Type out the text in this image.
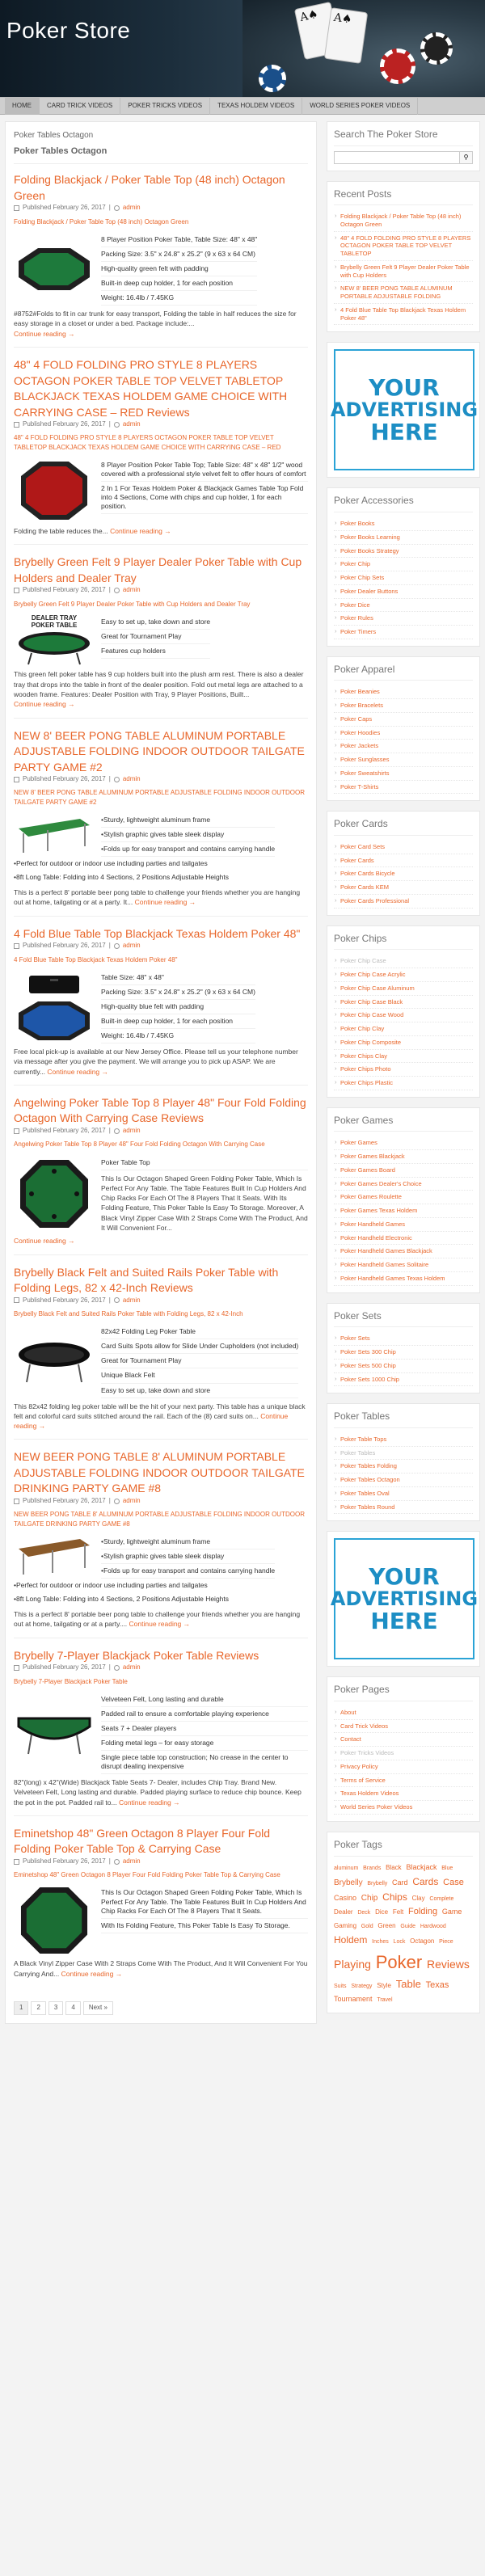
A♠ A♠
Poker Store
HOME	CARD TRICK VIDEOS	POKER TRICKS VIDEOS	TEXAS HOLDEM VIDEOS	WORLD SERIES POKER VIDEOS
Poker Tables Octagon
Poker Tables Octagon
Folding Blackjack / Poker Table Top (48 inch) Octagon Green
Published February 26, 2017 | admin
Folding Blackjack / Poker Table Top (48 inch) Octagon Green
8 Player Position Poker Table, Table Size: 48" x 48"
Packing Size: 3.5" x 24.8" x 25.2" (9 x 63 x 64 CM)
High-quality green felt with padding
Built-in deep cup holder, 1 for each position
Weight: 16.4lb / 7.45KG

#8752#Folds to fit in car trunk for easy transport, Folding the table in half reduces the size for easy storage in a closet or under a bed. Package include:...
Continue reading →

48" 4 FOLD FOLDING PRO STYLE 8 PLAYERS OCTAGON POKER TABLE TOP VELVET TABLETOP BLACKJACK TEXAS HOLDEM GAME CHOICE WITH CARRYING CASE – RED Reviews
Published February 26, 2017 | admin
48" 4 FOLD FOLDING PRO STYLE 8 PLAYERS OCTAGON POKER TABLE TOP VELVET TABLETOP BLACKJACK TEXAS HOLDEM GAME CHOICE WITH CARRYING CASE – RED
8 Player Position Poker Table Top; Table Size: 48" x 48" 1/2" wood covered with a professional style velvet felt to offer hours of comfort
2 In 1 For Texas Holdem Poker & Blackjack Games Table Top Fold into 4 Sections, Come with chips and cup holder, 1 for each position.

Folding the table reduces the... Continue reading →

Brybelly Green Felt 9 Player Dealer Poker Table with Cup Holders and Dealer Tray
Published February 26, 2017 | admin
Brybelly Green Felt 9 Player Dealer Poker Table with Cup Holders and Dealer Tray
DEALER TRAY POKER TABLE	Easy to set up, take down and store
Great for Tournament Play
Features cup holders

This green felt poker table has 9 cup holders built into the plush arm rest. There is also a dealer tray that drops into the table in front of the dealer position. Fold out metal legs are attached to a wooden frame. Features: Dealer Position with Tray, 9 Player Positions, Built...
Continue reading →

NEW 8' BEER PONG TABLE ALUMINUM PORTABLE ADJUSTABLE FOLDING INDOOR OUTDOOR TAILGATE PARTY GAME #2
Published February 26, 2017 | admin
NEW 8' BEER PONG TABLE ALUMINUM PORTABLE ADJUSTABLE FOLDING INDOOR OUTDOOR TAILGATE PARTY GAME #2
•Sturdy, lightweight aluminum frame
•Stylish graphic gives table sleek display
•Folds up for easy transport and contains carrying handle
•Perfect for outdoor or indoor use including parties and tailgates
•8ft Long Table: Folding into 4 Sections, 2 Positions Adjustable Heights

This is a perfect 8' portable beer pong table to challenge your friends whether you are hanging out at home, tailgating or at a party. It... Continue reading →

4 Fold Blue Table Top Blackjack Texas Holdem Poker 48"
Published February 26, 2017 | admin
4 Fold Blue Table Top Blackjack Texas Holdem Poker 48"
Table Size: 48" x 48"
Packing Size: 3.5" x 24.8" x 25.2" (9 x 63 x 64 CM)
High-quality blue felt with padding
Built-in deep cup holder, 1 for each position
Weight: 16.4lb / 7.45KG

Free local pick-up is available at our New Jersey Office. Please tell us your telephone number via message after you give the payment. We will arrange you to pick up ASAP. We are currently... Continue reading →

Angelwing Poker Table Top 8 Player 48" Four Fold Folding Octagon With Carrying Case Reviews
Published February 26, 2017 | admin
Angelwing Poker Table Top 8 Player 48" Four Fold Folding Octagon With Carrying Case
Poker Table Top

This Is Our Octagon Shaped Green Folding Poker Table, Which Is Perfect For Any Table. The Table Features Built In Cup Holders And Chip Racks For Each Of The 8 Players That It Seats. With Its Folding Feature, This Poker Table Is Easy To Storage. Moreover, A Black Vinyl Zipper Case With 2 Straps Come With The Product, And It Will Convenient For...

Continue reading →

Brybelly Black Felt and Suited Rails Poker Table with Folding Legs, 82 x 42-Inch Reviews
Published February 26, 2017 | admin
Brybelly Black Felt and Suited Rails Poker Table with Folding Legs, 82 x 42-Inch
82x42 Folding Leg Poker Table
Card Suits Spots allow for Slide Under Cupholders (not included)
Great for Tournament Play
Unique Black Felt
Easy to set up, take down and store

This 82x42 folding leg poker table will be the hit of your next party. This table has a unique black felt and colorful card suits stitched around the rail. Each of the (8) card suits on... Continue reading →

NEW BEER PONG TABLE 8' ALUMINUM PORTABLE ADJUSTABLE FOLDING INDOOR OUTDOOR TAILGATE DRINKING PARTY GAME #8
Published February 26, 2017 | admin
NEW BEER PONG TABLE 8' ALUMINUM PORTABLE ADJUSTABLE FOLDING INDOOR OUTDOOR TAILGATE DRINKING PARTY GAME #8
•Sturdy, lightweight aluminum frame
•Stylish graphic gives table sleek display
•Folds up for easy transport and contains carrying handle
•Perfect for outdoor or indoor use including parties and tailgates
•8ft Long Table: Folding into 4 Sections, 2 Positions Adjustable Heights

This is a perfect 8' portable beer pong table to challenge your friends whether you are hanging out at home, tailgating or at a party.... Continue reading →

Brybelly 7-Player Blackjack Poker Table Reviews
Published February 26, 2017 | admin
Brybelly 7-Player Blackjack Poker Table
Velveteen Felt, Long lasting and durable
Padded rail to ensure a comfortable playing experience
Seats 7 + Dealer players
Folding metal legs – for easy storage
Single piece table top construction; No crease in the center to disrupt dealing inexpensive

82"(long) x 42"(Wide) Blackjack Table Seats 7- Dealer, includes Chip Tray. Brand New. Velveteen Felt, Long lasting and durable. Padded playing surface to reduce chip bounce. Keep the pot in the pot. Padded rail to... Continue reading →

Eminetshop 48" Green Octagon 8 Player Four Fold Folding Poker Table Top & Carrying Case
Published February 26, 2017 | admin
Eminetshop 48" Green Octagon 8 Player Four Fold Folding Poker Table Top & Carrying Case
This Is Our Octagon Shaped Green Folding Poker Table, Which Is Perfect For Any Table. The Table Features Built In Cup Holders And Chip Racks For Each Of The 8 Players That It Seats.
With Its Folding Feature, This Poker Table Is Easy To Storage.

A Black Vinyl Zipper Case With 2 Straps Come With The Product, And It Will Convenient For You Carrying And... Continue reading →

1	2	3	4	Next »
Search The Poker Store
⚲
Recent Posts
› Folding Blackjack / Poker Table Top (48 inch) Octagon Green
› 48" 4 FOLD FOLDING PRO STYLE 8 PLAYERS OCTAGON POKER TABLE TOP VELVET TABLETOP
› Brybelly Green Felt 9 Player Dealer Poker Table with Cup Holders
› NEW 8' BEER PONG TABLE ALUMINUM PORTABLE ADJUSTABLE FOLDING
› 4 Fold Blue Table Top Blackjack Texas Holdem Poker 48"
YOUR
ADVERTISING
HERE
Poker Accessories
› Poker Books
› Poker Books Learning
› Poker Books Strategy
› Poker Chip
› Poker Chip Sets
› Poker Dealer Buttons
› Poker Dice
› Poker Rules
› Poker Timers
Poker Apparel
› Poker Beanies
› Poker Bracelets
› Poker Caps
› Poker Hoodies
› Poker Jackets
› Poker Sunglasses
› Poker Sweatshirts
› Poker T-Shirts
Poker Cards
› Poker Card Sets
› Poker Cards
› Poker Cards Bicycle
› Poker Cards KEM
› Poker Cards Professional
Poker Chips
› Poker Chip Case
› Poker Chip Case Acrylic
› Poker Chip Case Aluminum
› Poker Chip Case Black
› Poker Chip Case Wood
› Poker Chip Clay
› Poker Chip Composite
› Poker Chips Clay
› Poker Chips Photo
› Poker Chips Plastic
Poker Games
› Poker Games
› Poker Games Blackjack
› Poker Games Board
› Poker Games Dealer's Choice
› Poker Games Roulette
› Poker Games Texas Holdem
› Poker Handheld Games
› Poker Handheld Electronic
› Poker Handheld Games Blackjack
› Poker Handheld Games Solitaire
› Poker Handheld Games Texas Holdem
Poker Sets
› Poker Sets
› Poker Sets 300 Chip
› Poker Sets 500 Chip
› Poker Sets 1000 Chip
Poker Tables
› Poker Table Tops
› Poker Tables
› Poker Tables Folding
› Poker Tables Octagon
› Poker Tables Oval
› Poker Tables Round
YOUR
ADVERTISING
HERE
Poker Pages
› About
› Card Trick Videos
› Contact
› Poker Tricks Videos
› Privacy Policy
› Terms of Service
› Texas Holdem Videos
› World Series Poker Videos
Poker Tags
aluminum Brands Black Blackjack Blue Brybelly Brybelly Card Cards Case Casino Chip Chips Clay Complete Dealer Deck Dice Felt Folding Game Gaming Gold Green Guide Hardwood Holdem Inches Lock Octagon Piece Playing Poker Reviews Suits Strategy Style Table Texas Tournament Travel
